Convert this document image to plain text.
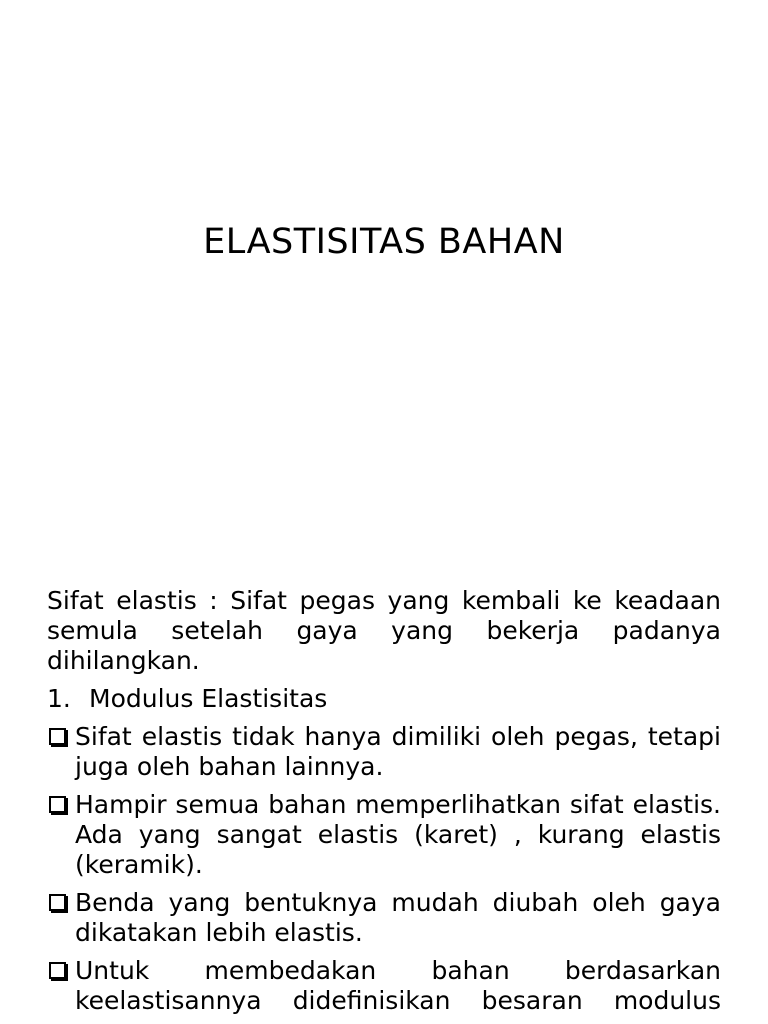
ELASTISITAS BAHAN

Sifat elastis : Sifat pegas yang kembali ke keadaan semula setelah gaya yang bekerja padanya dihilangkan.

1. Modulus Elastisitas
Sifat elastis tidak hanya dimiliki oleh pegas, tetapi juga oleh bahan lainnya.
Hampir semua bahan memperlihatkan sifat elastis. Ada yang sangat elastis (karet) , kurang elastis (keramik).
Benda yang bentuknya mudah diubah oleh gaya dikatakan lebih elastis.
Untuk membedakan bahan berdasarkan keelastisannya didefinisikan besaran modulus
